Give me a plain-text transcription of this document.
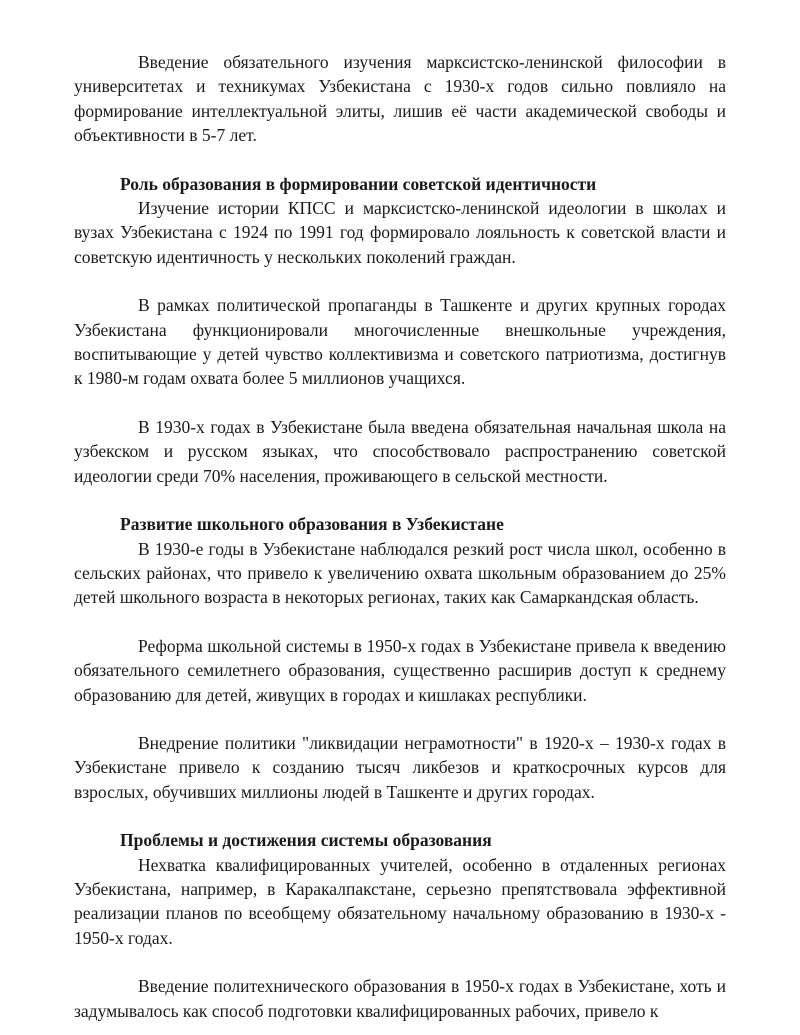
Введение обязательного изучения марксистско-ленинской философии в университетах и техникумах Узбекистана с 1930-х годов сильно повлияло на формирование интеллектуальной элиты, лишив её части академической свободы и объективности в 5-7 лет.

Роль образования в формировании советской идентичности

Изучение истории КПСС и марксистско-ленинской идеологии в школах и вузах Узбекистана с 1924 по 1991 год формировало лояльность к советской власти и советскую идентичность у нескольких поколений граждан.

В рамках политической пропаганды в Ташкенте и других крупных городах Узбекистана функционировали многочисленные внешкольные учреждения, воспитывающие у детей чувство коллективизма и советского патриотизма, достигнув к 1980-м годам охвата более 5 миллионов учащихся.

В 1930-х годах в Узбекистане была введена обязательная начальная школа на узбекском и русском языках, что способствовало распространению советской идеологии среди 70% населения, проживающего в сельской местности.

Развитие школьного образования в Узбекистане

В 1930-е годы в Узбекистане наблюдался резкий рост числа школ, особенно в сельских районах, что привело к увеличению охвата школьным образованием до 25% детей школьного возраста в некоторых регионах, таких как Самаркандская область.

Реформа школьной системы в 1950-х годах в Узбекистане привела к введению обязательного семилетнего образования, существенно расширив доступ к среднему образованию для детей, живущих в городах и кишлаках республики.

Внедрение политики "ликвидации неграмотности" в 1920-х – 1930-х годах в Узбекистане привело к созданию тысяч ликбезов и краткосрочных курсов для взрослых, обучивших миллионы людей в Ташкенте и других городах.

Проблемы и достижения системы образования

Нехватка квалифицированных учителей, особенно в отдаленных регионах Узбекистана, например, в Каракалпакстане, серьезно препятствовала эффективной реализации планов по всеобщему обязательному начальному образованию в 1930-х - 1950-х годах.

Введение политехнического образования в 1950-х годах в Узбекистане, хоть и задумывалось как способ подготовки квалифицированных рабочих, привело к
